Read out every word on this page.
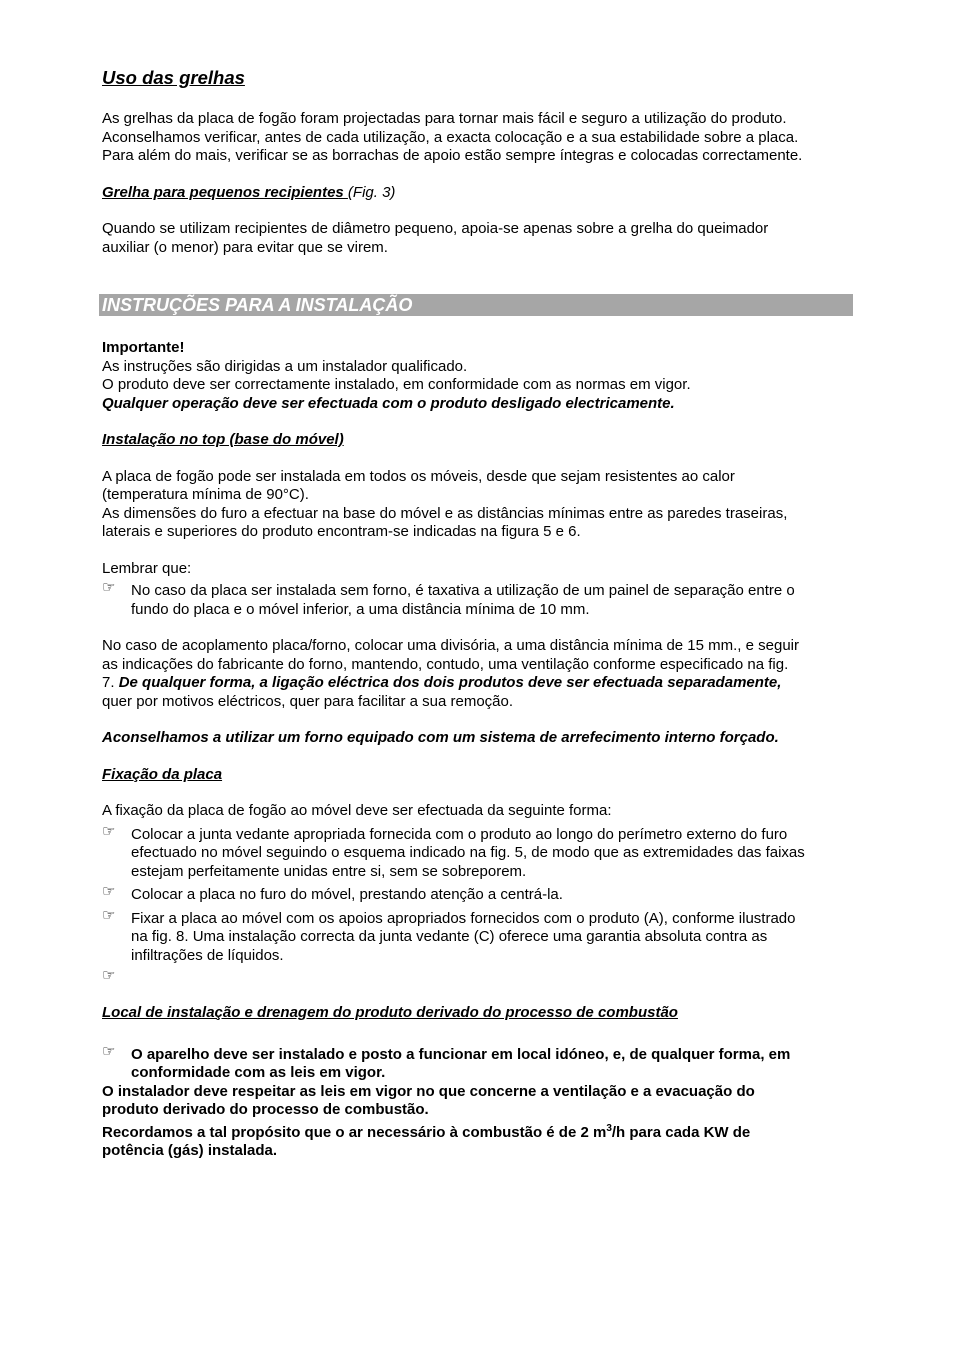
Uso das grelhas

As grelhas da placa de fogão foram projectadas para tornar mais fácil e seguro a utilização do produto.

Aconselhamos verificar, antes de cada utilização, a exacta colocação e a sua estabilidade sobre a placa.

Para além do mais, verificar se as borrachas de apoio estão sempre íntegras e colocadas correctamente.

Grelha para pequenos recipientes (Fig. 3)

Quando se utilizam recipientes de diâmetro pequeno, apoia-se apenas sobre a grelha do queimador

auxiliar (o menor) para evitar que se virem.

INSTRUÇÕES PARA A INSTALAÇÃO

Importante!

As instruções são dirigidas a um instalador qualificado.

O produto deve ser correctamente instalado, em conformidade com as normas em vigor.

Qualquer operação deve ser efectuada com o produto desligado electricamente.

Instalação no top (base do móvel)

A placa de fogão pode ser instalada em todos os móveis, desde que sejam resistentes ao calor

(temperatura mínima de 90°C).

As dimensões do furo a efectuar na base do móvel e as distâncias mínimas entre as paredes traseiras,

laterais e superiores do produto encontram-se indicadas na figura 5 e 6.

Lembrar que:

☞ No caso da placa ser instalada sem forno, é taxativa a utilização de um painel de separação entre o

fundo do placa e o móvel inferior, a uma distância mínima de 10 mm.

No caso de acoplamento placa/forno, colocar uma divisória, a uma distância mínima de 15 mm., e seguir

as indicações do fabricante do forno, mantendo, contudo, uma ventilação conforme especificado na fig.

7. De qualquer forma, a ligação eléctrica dos dois produtos deve ser efectuada separadamente,

quer por motivos eléctricos, quer para facilitar a sua remoção.

Aconselhamos a utilizar um forno equipado com um sistema de arrefecimento interno forçado.

Fixação da placa

A fixação da placa de fogão ao móvel deve ser efectuada da seguinte forma:

☞ Colocar a junta vedante apropriada fornecida com o produto ao longo do perímetro externo do furo

efectuado no móvel seguindo o esquema indicado na fig. 5, de modo que as extremidades das faixas

estejam perfeitamente unidas entre si, sem se sobreporem.

☞ Colocar a placa no furo do móvel, prestando atenção a centrá-la.

☞ Fixar a placa ao móvel com os apoios apropriados fornecidos com o produto (A), conforme ilustrado

na fig. 8. Uma instalação correcta da junta vedante (C) oferece uma garantia absoluta contra as

infiltrações de líquidos.

☞

Local de instalação e drenagem do produto derivado do processo de combustão

☞ O aparelho deve ser instalado e posto a funcionar em local idóneo, e, de qualquer forma, em

conformidade com as leis em vigor.

O instalador deve respeitar as leis em vigor no que concerne a ventilação e a evacuação do

produto derivado do processo de combustão.

Recordamos a tal propósito que o ar necessário à combustão é de 2 $m^3/h$ para cada KW de

potência (gás) instalada.
